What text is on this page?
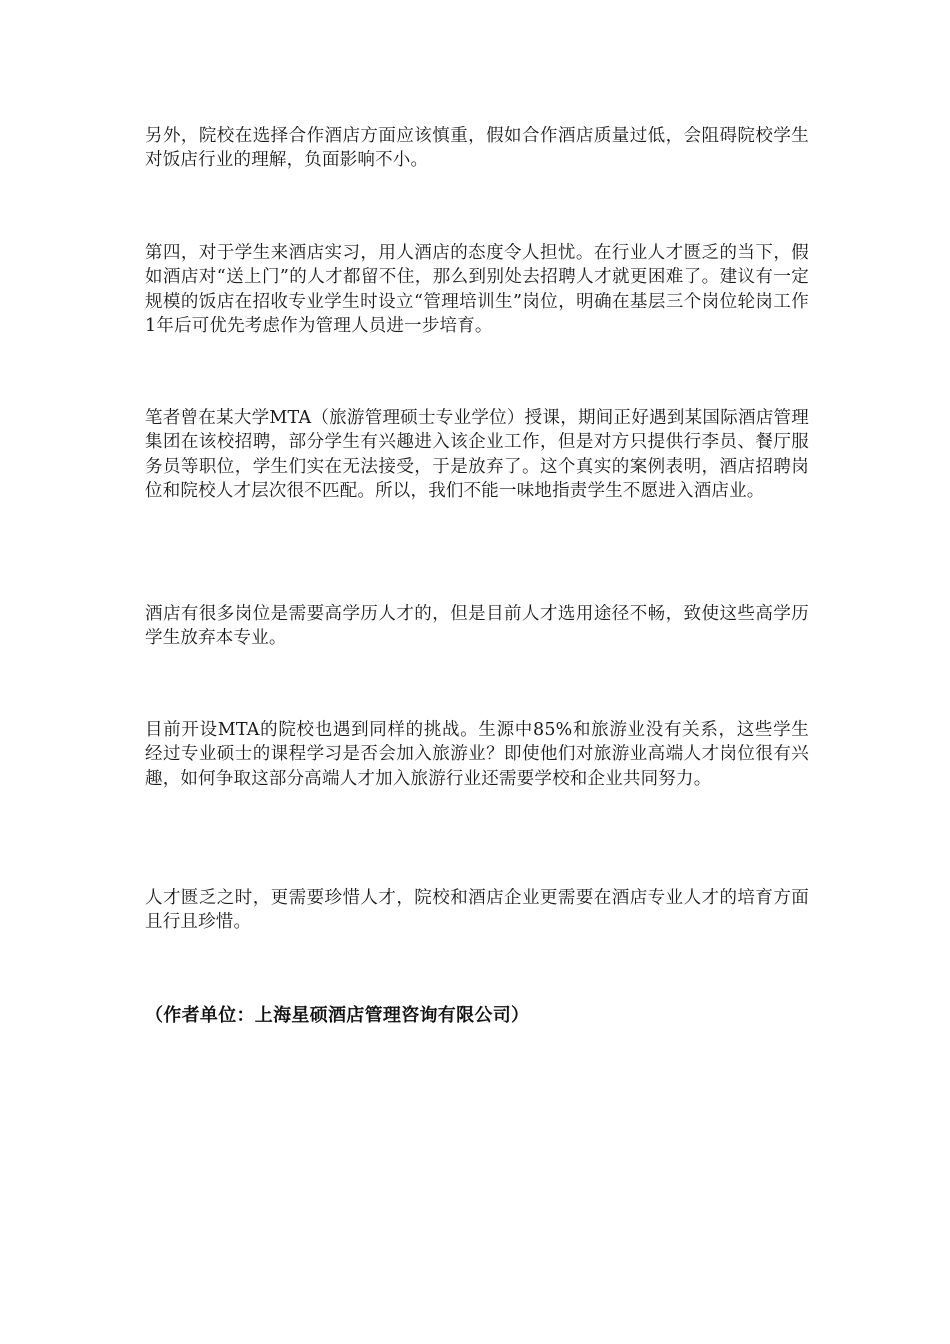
另外，院校在选择合作酒店方面应该慎重，假如合作酒店质量过低，会阻碍院校学生对饭店行业的理解，负面影响不小。

第四，对于学生来酒店实习，用人酒店的态度令人担忧。在行业人才匮乏的当下，假如酒店对“送上门”的人才都留不住，那么到别处去招聘人才就更困难了。建议有一定规模的饭店在招收专业学生时设立“管理培训生”岗位，明确在基层三个岗位轮岗工作1年后可优先考虑作为管理人员进一步培育。

笔者曾在某大学MTA（旅游管理硕士专业学位）授课，期间正好遇到某国际酒店管理集团在该校招聘，部分学生有兴趣进入该企业工作，但是对方只提供行李员、餐厅服务员等职位，学生们实在无法接受，于是放弃了。这个真实的案例表明，酒店招聘岗位和院校人才层次很不匹配。所以，我们不能一味地指责学生不愿进入酒店业。

酒店有很多岗位是需要高学历人才的，但是目前人才选用途径不畅，致使这些高学历学生放弃本专业。

目前开设MTA的院校也遇到同样的挑战。生源中85%和旅游业没有关系，这些学生经过专业硕士的课程学习是否会加入旅游业？即使他们对旅游业高端人才岗位很有兴趣，如何争取这部分高端人才加入旅游行业还需要学校和企业共同努力。

人才匮乏之时，更需要珍惜人才，院校和酒店企业更需要在酒店专业人才的培育方面且行且珍惜。

（作者单位：上海星硕酒店管理咨询有限公司）
